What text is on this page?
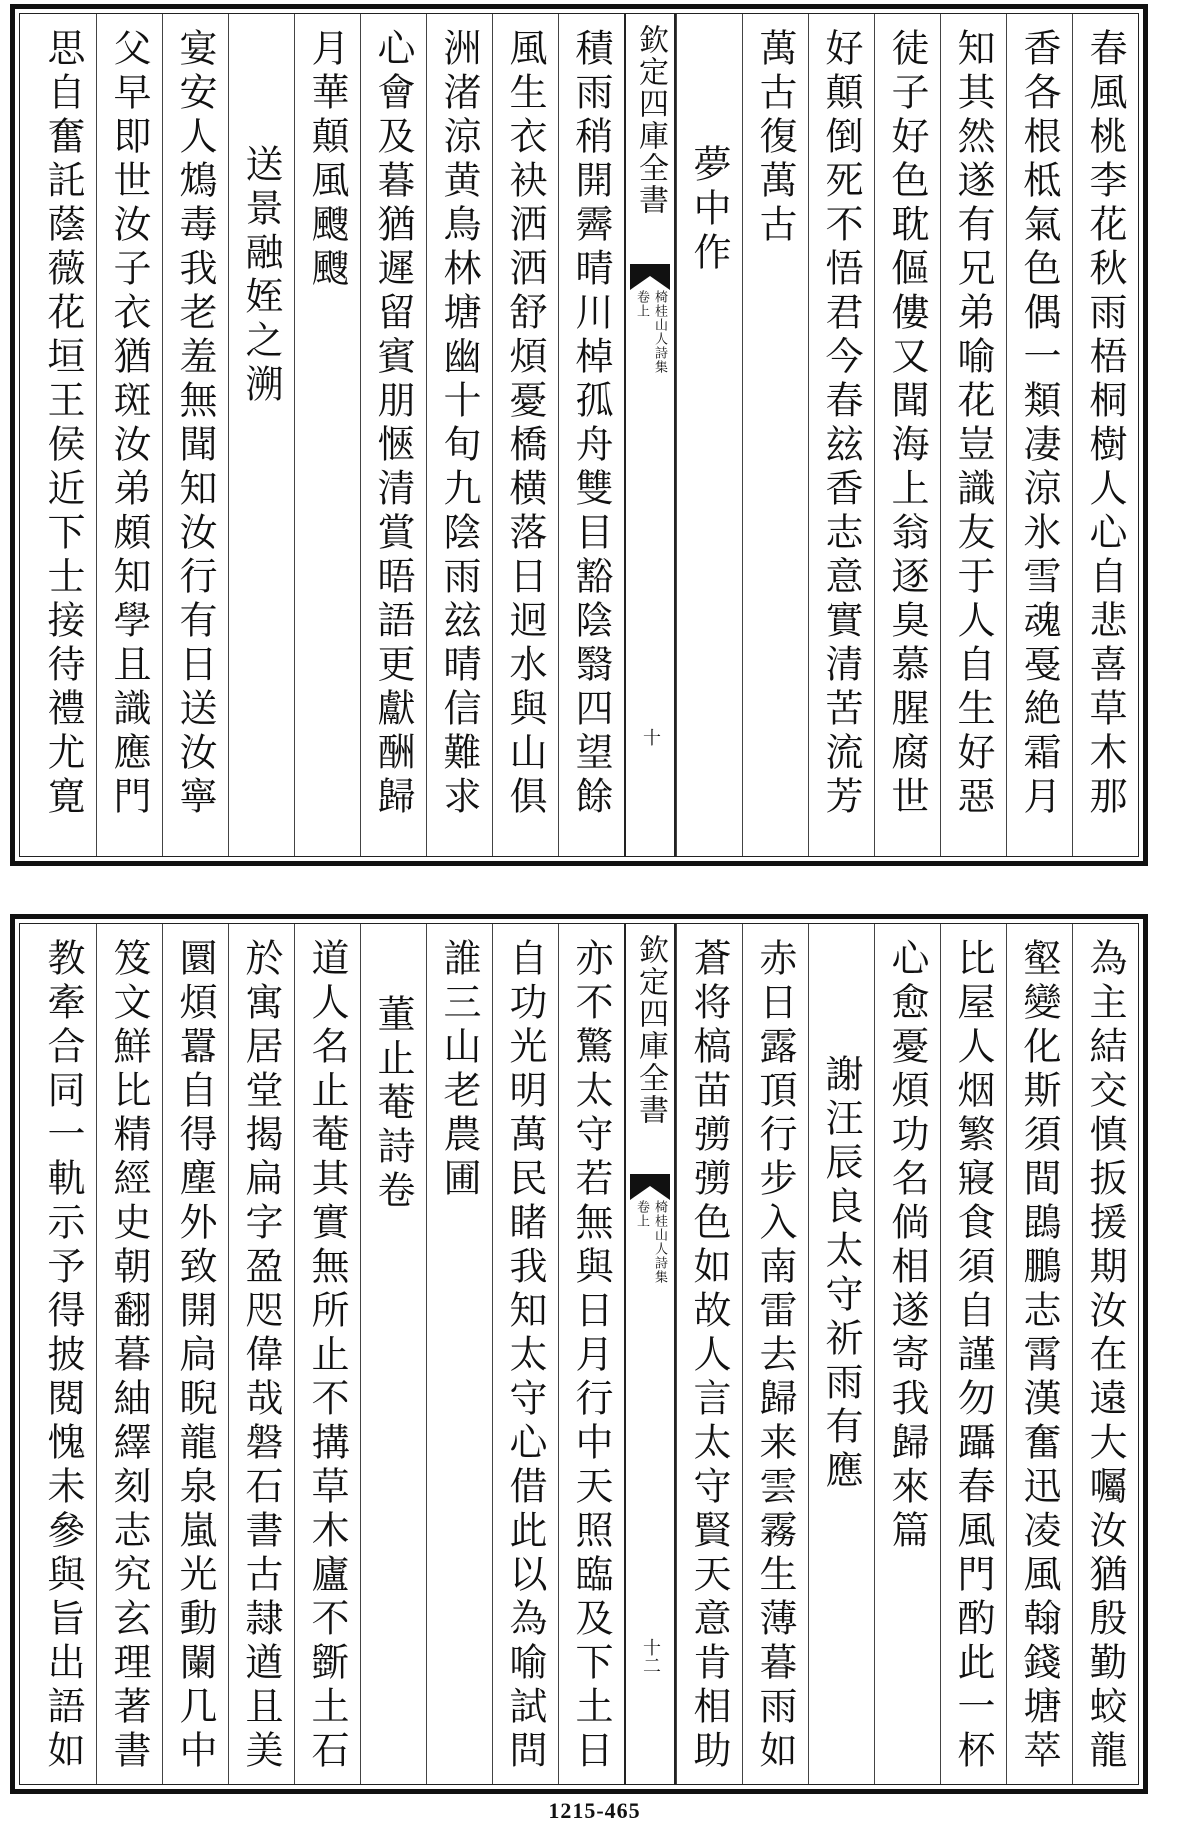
春風桃李花秋雨梧桐樹人心自悲喜草木那
香各根柢氣色偶一類凄涼氷雪魂戞絶霜月
知其然遂有兄弟喻花豈識友于人自生好惡
徒子好色耽傴僂又聞海上翁逐臭慕腥腐世
好顛倒死不悟君今春玆香志意實清苦流芳
萬古復萬古
夢中作
欽定四庫全書
椅桂山人詩集
卷上
十
積雨稍開霽晴川棹孤舟雙目豁陰翳四望餘
風生衣袂洒洒舒煩憂橋横落日迥水與山俱
洲渚涼黄鳥林塘幽十旬九陰雨玆晴信難求
心會及暮猶遲留賓朋愜清賞晤語更獻酬歸
月華顛風颼颼
送景融姪之溯
宴安人鴆毒我老羞無聞知汝行有日送汝寧
父早即世汝子衣猶斑汝弟頗知學且識應門
思自奮託蔭薇花垣王侯近下士接待禮尤寛
為主結交慎扳援期汝在遠大囑汝猶殷勤蛟龍
壑變化斯須間鵾鵬志霄漢奮迅凌風翰錢塘萃
比屋人烟繁寢食須自謹勿躡春風門酌此一杯
心愈憂煩功名倘相遂寄我歸來篇
謝汪辰良太守祈雨有應
赤日露頂行步入南雷去歸来雲霧生薄暮雨如
蒼将槁苗彅彅色如故人言太守賢天意肯相助
欽定四庫全書
椅桂山人詩集
卷上
十二
亦不驚太守若無與日月行中天照臨及下土日
自功光明萬民睹我知太守心借此以為喻試問
誰三山老農圃
董止菴詩卷
道人名止菴其實無所止不搆草木廬不斵土石
於寓居堂揭扁字盈咫偉哉磐石書古隷遒且美
圜煩囂自得塵外致開扃睨龍泉嵐光動闌几中
笈文鮮比精經史朝翻暮紬繹刻志究玄理著書
教牽合同一軌示予得披閱愧未參與旨出語如
1215-465
